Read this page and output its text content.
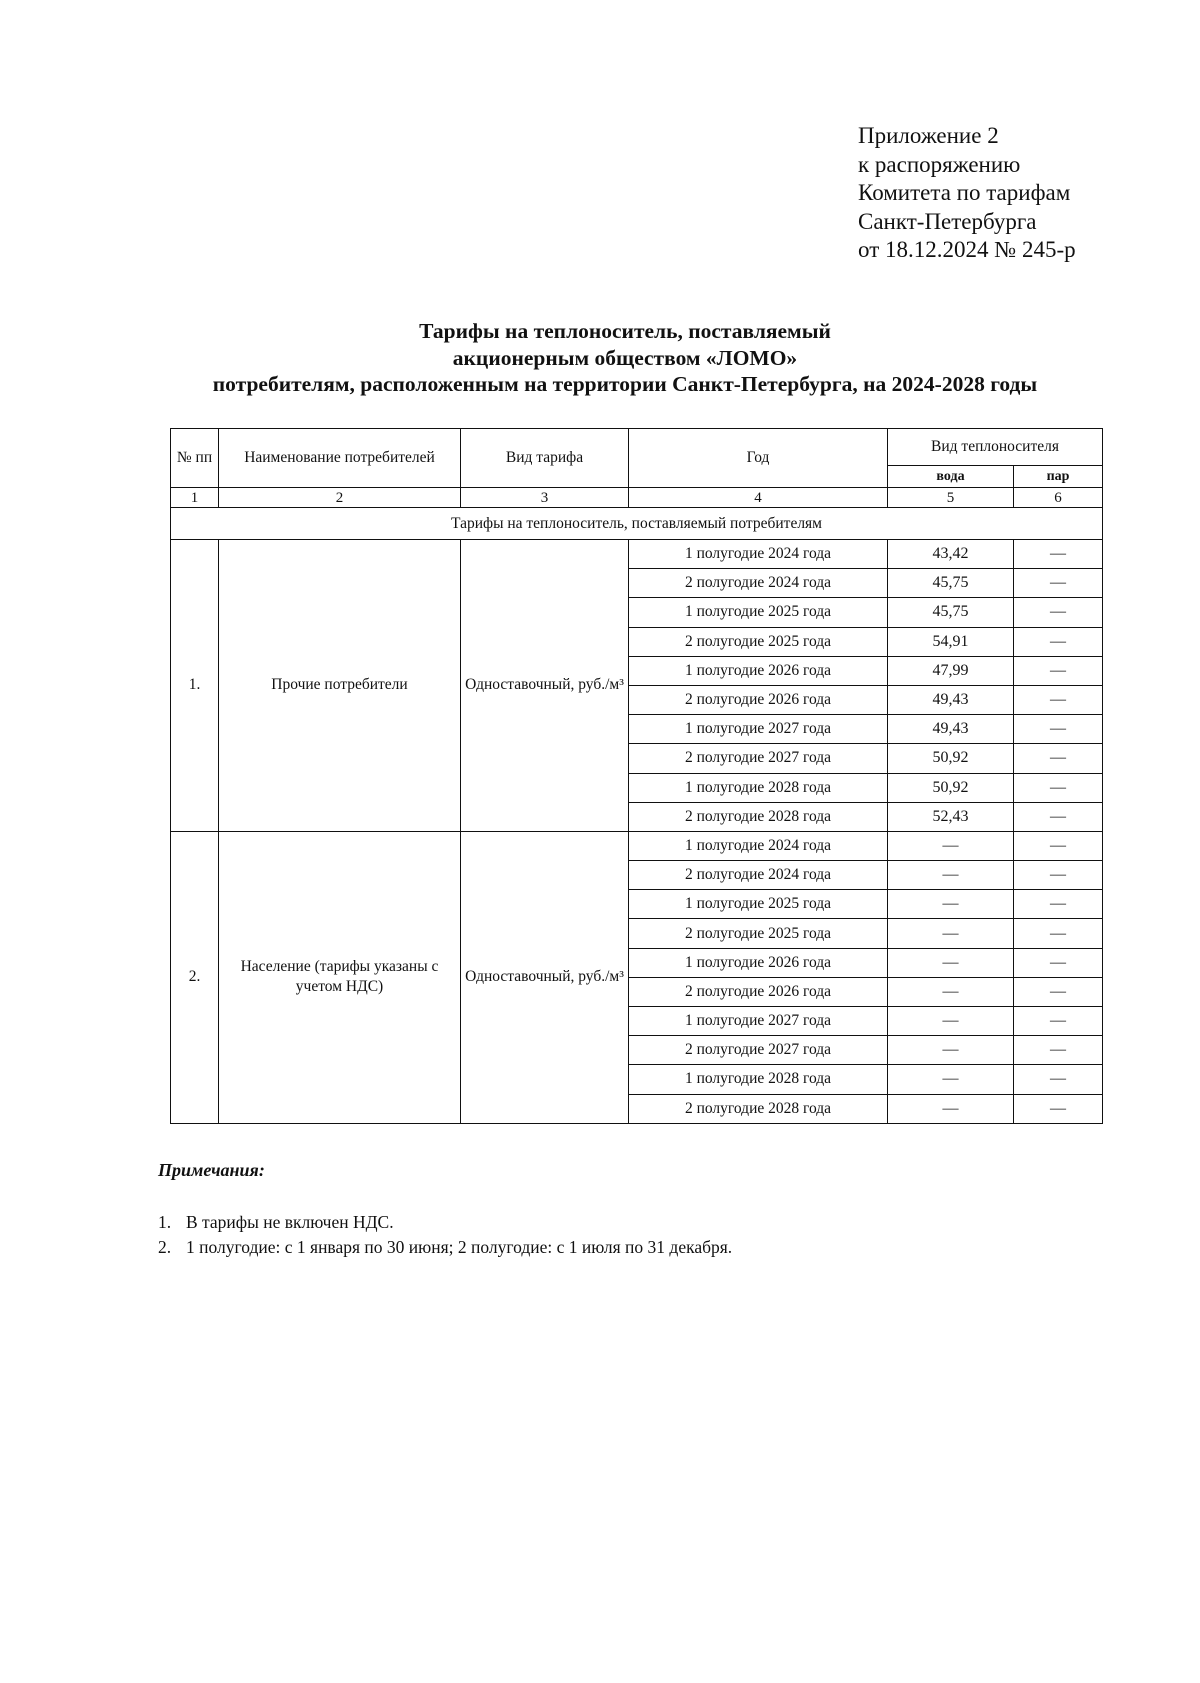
Приложение 2
к распоряжению
Комитета по тарифам
Санкт-Петербурга
от 18.12.2024 № 245-р
Тарифы на теплоноситель, поставляемый
акционерным обществом «ЛОМО»
потребителям, расположенным на территории Санкт-Петербурга, на 2024-2028 годы
№ пп	Наименование потребителей	Вид тарифа	Год	Вид теплоносителя	
				вода	пар
1	2	3	4	5	6
Тарифы на теплоноситель, поставляемый потребителям					
1.	Прочие потребители	Одноставочный, руб./м³	1 полугодие 2024 года	43,42	—
			2 полугодие 2024 года	45,75	—
			1 полугодие 2025 года	45,75	—
			2 полугодие 2025 года	54,91	—
			1 полугодие 2026 года	47,99	—
			2 полугодие 2026 года	49,43	—
			1 полугодие 2027 года	49,43	—
			2 полугодие 2027 года	50,92	—
			1 полугодие 2028 года	50,92	—
			2 полугодие 2028 года	52,43	—
2.	Население (тарифы указаны с учетом НДС)	Одноставочный, руб./м³	1 полугодие 2024 года	—	—
			2 полугодие 2024 года	—	—
			1 полугодие 2025 года	—	—
			2 полугодие 2025 года	—	—
			1 полугодие 2026 года	—	—
			2 полугодие 2026 года	—	—
			1 полугодие 2027 года	—	—
			2 полугодие 2027 года	—	—
			1 полугодие 2028 года	—	—
			2 полугодие 2028 года	—	—
Примечания:
1. В тарифы не включен НДС.
2. 1 полугодие: с 1 января по 30 июня; 2 полугодие: с 1 июля по 31 декабря.
